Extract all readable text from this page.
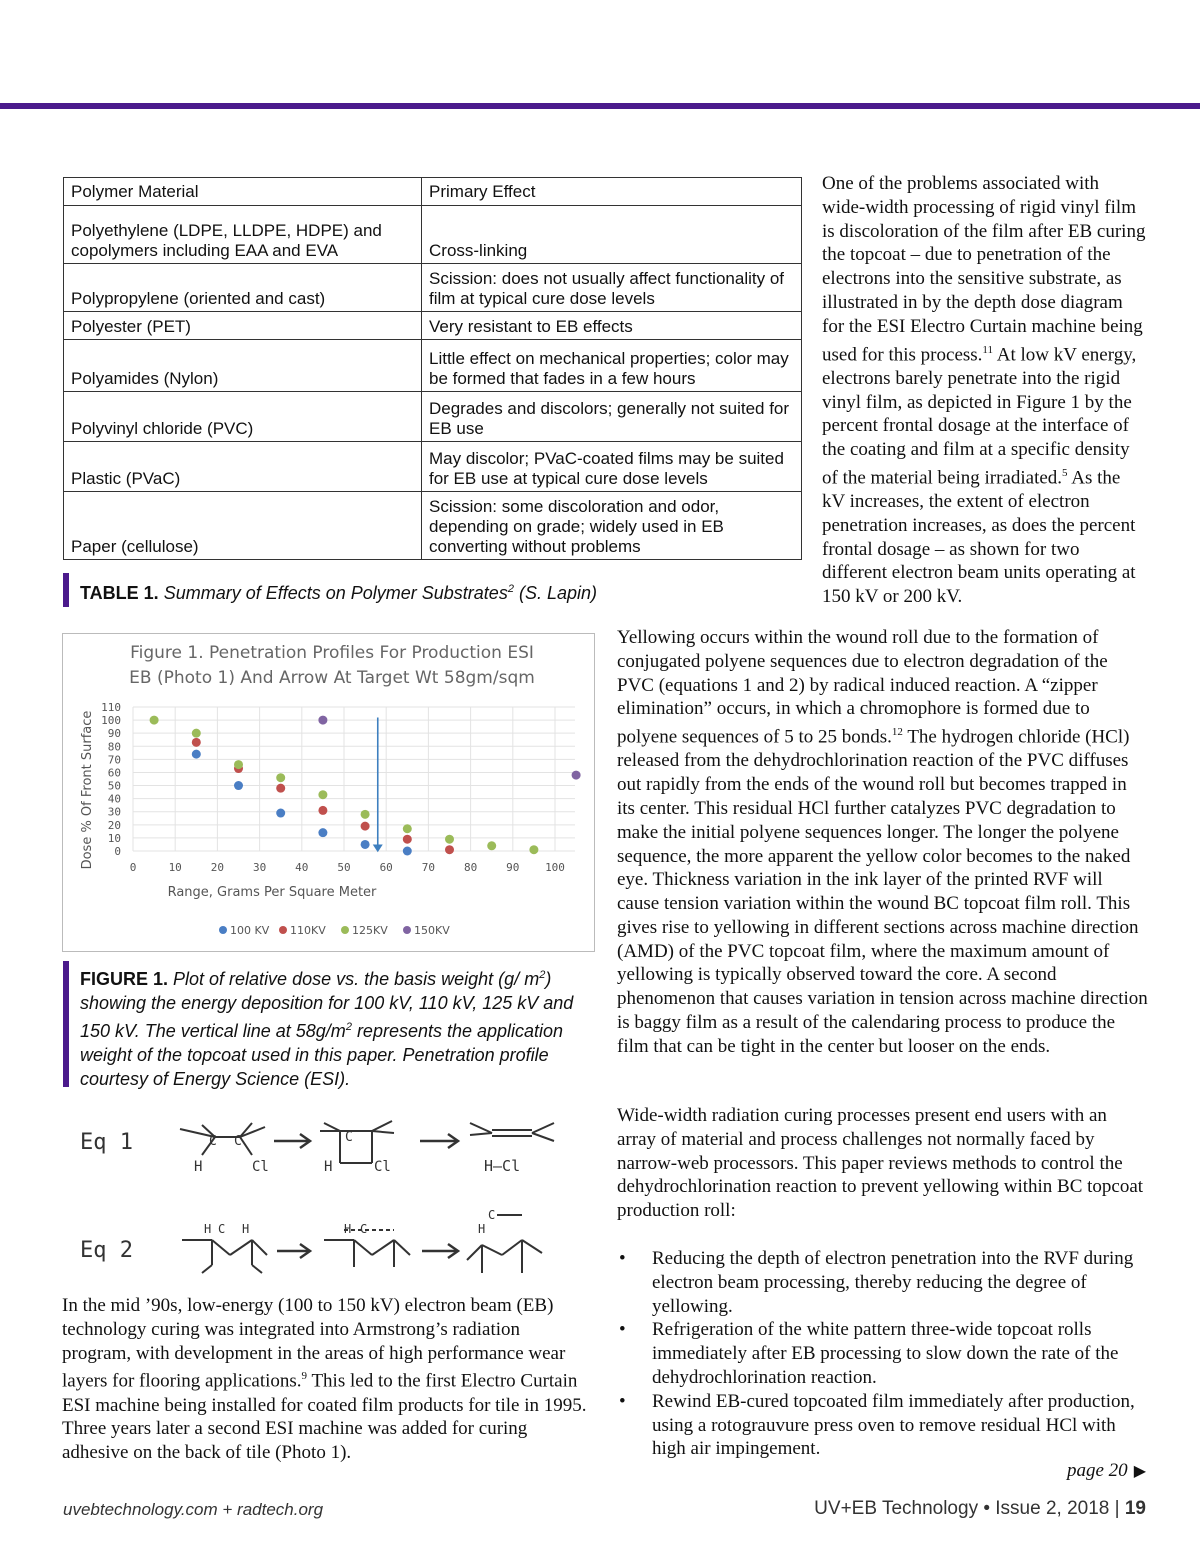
Polymer Material	Primary Effect
Polyethylene (LDPE, LLDPE, HDPE) and copolymers including EAA and EVA	Cross-linking
Polypropylene (oriented and cast)	Scission: does not usually affect functionality of film at typical cure dose levels
Polyester (PET)	Very resistant to EB effects
Polyamides (Nylon)	Little effect on mechanical properties; color may be formed that fades in a few hours
Polyvinyl chloride (PVC)	Degrades and discolors; generally not suited for EB use
Plastic (PVaC)	May discolor; PVaC-coated films may be suited for EB use at typical cure dose levels
Paper (cellulose)	Scission: some discoloration and odor, depending on grade; widely used in EB converting without problems
TABLE 1. Summary of Effects on Polymer Substrates$^2$ (S. Lapin)
Figure 1. Penetration Profiles For Production ESI
EB (Photo 1) And Arrow At Target Wt 58gm/sqm
0
10
20
30
40
50
60
70
80
90
100
110
0	10	20	30	40	50	60	70	80	90 100
Range, Grams Per Square Meter
Dose % Of Front Surface
100 KV 110KV 125KV 150KV
FIGURE 1. Plot of relative dose vs. the basis weight (g/ $m^2$) showing the energy deposition for 100 kV, 110 kV, 125 kV and 150 kV. The vertical line at $58g/m^2$ represents the application weight of the topcoat used in this paper. Penetration profile courtesy of Energy Science (ESI).
Eq 1
Eq 2
C C
H	Cl
C
H	Cl	H—Cl
H C H	H C	H
C

In the mid ’90s, low-energy (100 to 150 kV) electron beam (EB) technology curing was integrated into Armstrong’s radiation program, with development in the areas of high performance wear layers for flooring applications.$^9$ This led to the first Electro Curtain ESI machine being installed for coated film products for tile in 1995. Three years later a second ESI machine was added for curing adhesive on the back of tile (Photo 1).

One of the problems associated with wide-width processing of rigid vinyl film is discoloration of the film after EB curing the topcoat – due to penetration of the electrons into the sensitive substrate, as illustrated in by the depth dose diagram for the ESI Electro Curtain machine being used for this process.$^{11}$ At low kV energy, electrons barely penetrate into the rigid vinyl film, as depicted in Figure 1 by the percent frontal dosage at the interface of the coating and film at a specific density of the material being irradiated.$^5$ As the kV increases, the extent of electron penetration increases, as does the percent frontal dosage – as shown for two different electron beam units operating at 150 kV or 200 kV.

Yellowing occurs within the wound roll due to the formation of conjugated polyene sequences due to electron degradation of the PVC (equations 1 and 2) by radical induced reaction. A “zipper elimination” occurs, in which a chromophore is formed due to polyene sequences of 5 to 25 bonds.$^{12}$ The hydrogen chloride (HCl) released from the dehydrochlorination reaction of the PVC diffuses out rapidly from the ends of the wound roll but becomes trapped in its center. This residual HCl further catalyzes PVC degradation to make the initial polyene sequences longer. The longer the polyene sequence, the more apparent the yellow color becomes to the naked eye. Thickness variation in the ink layer of the printed RVF will cause tension variation within the wound BC topcoat film roll. This gives rise to yellowing in different sections across machine direction (AMD) of the PVC topcoat film, where the maximum amount of yellowing is typically observed toward the core. A second phenomenon that causes variation in tension across machine direction is baggy film as a result of the calendaring process to produce the film that can be tight in the center but looser on the ends.

Wide-width radiation curing processes present end users with an array of material and process challenges not normally faced by narrow-web processors. This paper reviews methods to control the dehydrochlorination reaction to prevent yellowing within BC topcoat production roll:

• Reducing the depth of electron penetration into the RVF during electron beam processing, thereby reducing the degree of yellowing.
• Refrigeration of the white pattern three-wide topcoat rolls immediately after EB processing to slow down the rate of the dehydrochlorination reaction.
• Rewind EB-cured topcoated film immediately after production, using a rotograuvure press oven to remove residual HCl with high air impingement.
page 20 ▶
uvebtechnology.com + radtech.org	UV+EB Technology • Issue 2, 2018 | 19
